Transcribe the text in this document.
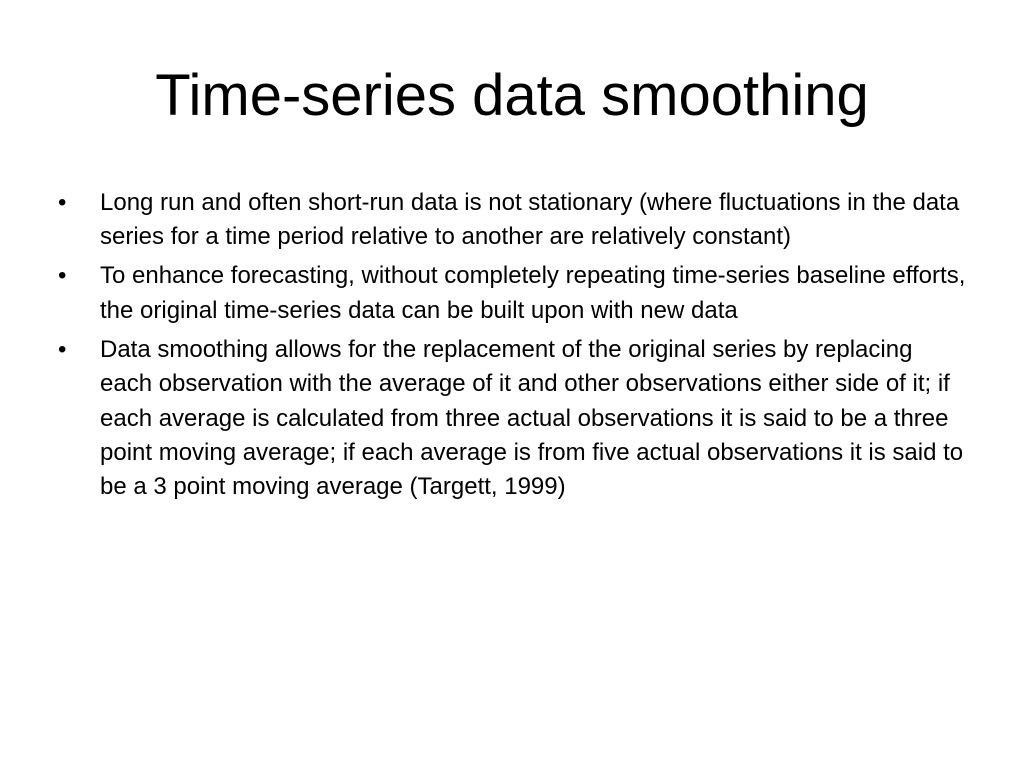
Time-series data smoothing
•	Long run and often short-run data is not stationary (where fluctuations in the data series for a time period relative to another are relatively constant)
•	To enhance forecasting, without completely repeating time-series baseline efforts, the original time-series data can be built upon with new data
•	Data smoothing allows for the replacement of the original series by replacing each observation with the average of it and other observations either side of it; if each average is calculated from three actual observations it is said to be a three point moving average; if each average is from five actual observations it is said to be a 3 point moving average (Targett, 1999)
